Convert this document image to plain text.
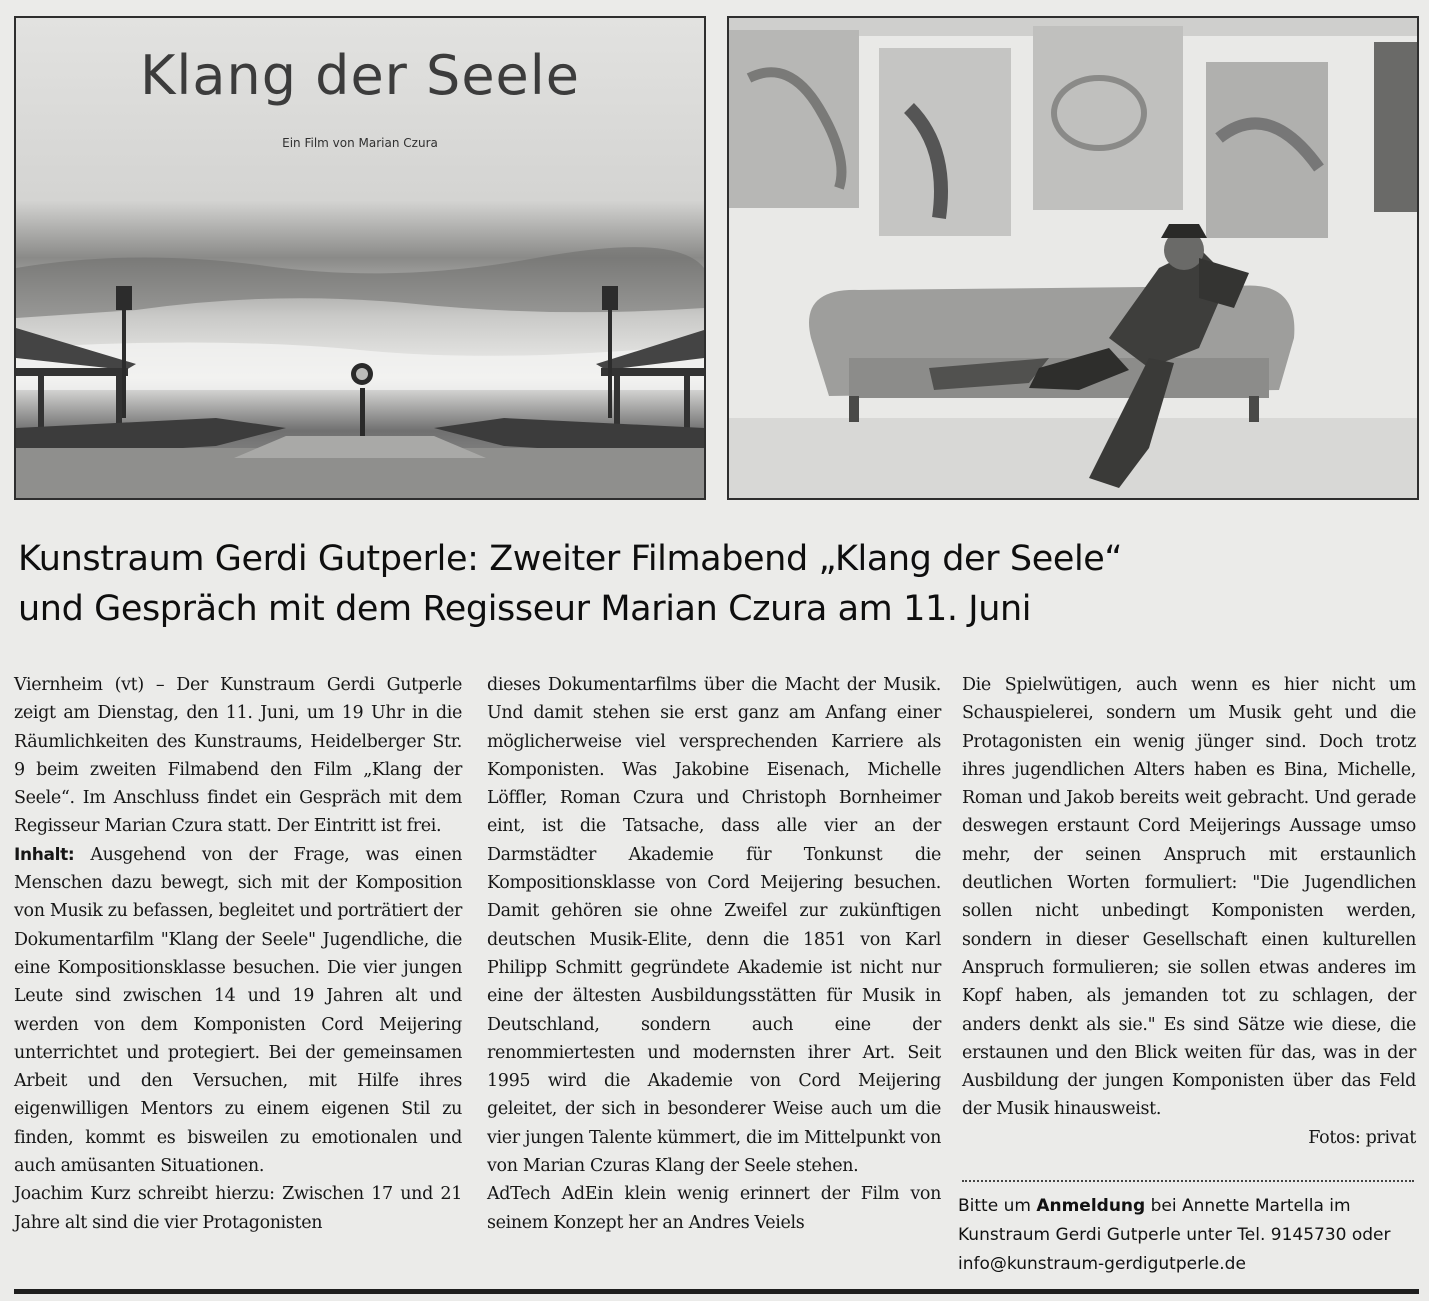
Klang der Seele
Ein Film von Marian Czura
Kunstraum Gerdi Gutperle: Zweiter Filmabend „Klang der Seele“
und Gespräch mit dem Regisseur Marian Czura am 11. Juni

Viernheim (vt) – Der Kunstraum Gerdi Gutperle zeigt am Dienstag, den 11. Juni, um 19 Uhr in die Räumlichkeiten des Kunstraums, Heidelberger Str. 9 beim zweiten Filmabend den Film „Klang der Seele“. Im Anschluss findet ein Gespräch mit dem Regisseur Marian Czura statt. Der Eintritt ist frei.

Inhalt: Ausgehend von der Frage, was einen Menschen dazu bewegt, sich mit der Komposition von Musik zu befassen, begleitet und porträtiert der Dokumentarfilm "Klang der Seele" Jugendliche, die eine Kompositionsklasse besuchen. Die vier jungen Leute sind zwischen 14 und 19 Jahren alt und werden von dem Komponisten Cord Meijering unterrichtet und protegiert. Bei der gemeinsamen Arbeit und den Versuchen, mit Hilfe ihres eigenwilligen Mentors zu einem eigenen Stil zu finden, kommt es bisweilen zu emotionalen und auch amüsanten Situationen.

Joachim Kurz schreibt hierzu: Zwischen 17 und 21 Jahre alt sind die vier Protagonisten

dieses Dokumentarfilms über die Macht der Musik. Und damit stehen sie erst ganz am Anfang einer möglicherweise viel versprechenden Karriere als Komponisten. Was Jakobine Eisenach, Michelle Löffler, Roman Czura und Christoph Bornheimer eint, ist die Tatsache, dass alle vier an der Darmstädter Akademie für Tonkunst die Kompositionsklasse von Cord Meijering besuchen. Damit gehören sie ohne Zweifel zur zukünftigen deutschen Musik-Elite, denn die 1851 von Karl Philipp Schmitt gegründete Akademie ist nicht nur eine der ältesten Ausbildungsstätten für Musik in Deutschland, sondern auch eine der renommiertesten und modernsten ihrer Art. Seit 1995 wird die Akademie von Cord Meijering geleitet, der sich in besonderer Weise auch um die vier jungen Talente kümmert, die im Mittelpunkt von von Marian Czuras Klang der Seele stehen.

AdTech AdEin klein wenig erinnert der Film von seinem Konzept her an Andres Veiels

Die Spielwütigen, auch wenn es hier nicht um Schauspielerei, sondern um Musik geht und die Protagonisten ein wenig jünger sind. Doch trotz ihres jugendlichen Alters haben es Bina, Michelle, Roman und Jakob bereits weit gebracht. Und gerade deswegen erstaunt Cord Meijerings Aussage umso mehr, der seinen Anspruch mit erstaunlich deutlichen Worten formuliert: "Die Jugendlichen sollen nicht unbedingt Komponisten werden, sondern in dieser Gesellschaft einen kulturellen Anspruch formulieren; sie sollen etwas anderes im Kopf haben, als jemanden tot zu schlagen, der anders denkt als sie." Es sind Sätze wie diese, die erstaunen und den Blick weiten für das, was in der Ausbildung der jungen Komponisten über das Feld der Musik hinausweist.

Fotos: privat

Bitte um Anmeldung bei Annette Martella im Kunstraum Gerdi Gutperle unter Tel. 9145730 oder info@kunstraum-gerdigutperle.de
